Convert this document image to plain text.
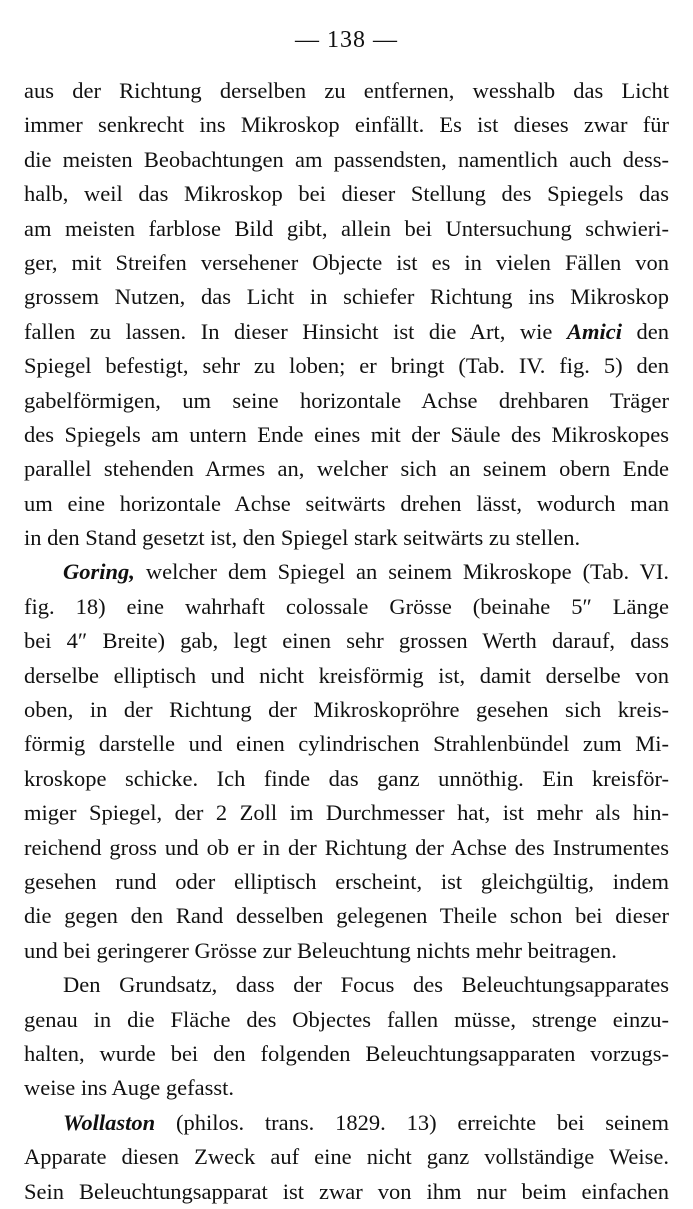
— 138 —
aus der Richtung derselben zu entfernen, wesshalb das Licht
immer senkrecht ins Mikroskop einfällt. Es ist dieses zwar für
die meisten Beobachtungen am passendsten, namentlich auch dess-
halb, weil das Mikroskop bei dieser Stellung des Spiegels das
am meisten farblose Bild gibt, allein bei Untersuchung schwieri-
ger, mit Streifen versehener Objecte ist es in vielen Fällen von
grossem Nutzen, das Licht in schiefer Richtung ins Mikroskop
fallen zu lassen. In dieser Hinsicht ist die Art, wie Amici den
Spiegel befestigt, sehr zu loben; er bringt (Tab. IV. fig. 5) den
gabelförmigen, um seine horizontale Achse drehbaren Träger
des Spiegels am untern Ende eines mit der Säule des Mikroskopes
parallel stehenden Armes an, welcher sich an seinem obern Ende
um eine horizontale Achse seitwärts drehen lässt, wodurch man
in den Stand gesetzt ist, den Spiegel stark seitwärts zu stellen.
Goring, welcher dem Spiegel an seinem Mikroskope (Tab. VI.
fig. 18) eine wahrhaft colossale Grösse (beinahe 5″ Länge
bei 4″ Breite) gab, legt einen sehr grossen Werth darauf, dass
derselbe elliptisch und nicht kreisförmig ist, damit derselbe von
oben, in der Richtung der Mikroskopröhre gesehen sich kreis-
förmig darstelle und einen cylindrischen Strahlenbündel zum Mi-
kroskope schicke. Ich finde das ganz unnöthig. Ein kreisför-
miger Spiegel, der 2 Zoll im Durchmesser hat, ist mehr als hin-
reichend gross und ob er in der Richtung der Achse des Instrumentes
gesehen rund oder elliptisch erscheint, ist gleichgültig, indem
die gegen den Rand desselben gelegenen Theile schon bei dieser
und bei geringerer Grösse zur Beleuchtung nichts mehr beitragen.
Den Grundsatz, dass der Focus des Beleuchtungsapparates
genau in die Fläche des Objectes fallen müsse, strenge einzu-
halten, wurde bei den folgenden Beleuchtungsapparaten vorzugs-
weise ins Auge gefasst.
Wollaston (philos. trans. 1829. 13) erreichte bei seinem
Apparate diesen Zweck auf eine nicht ganz vollständige Weise.
Sein Beleuchtungsapparat ist zwar von ihm nur beim einfachen
